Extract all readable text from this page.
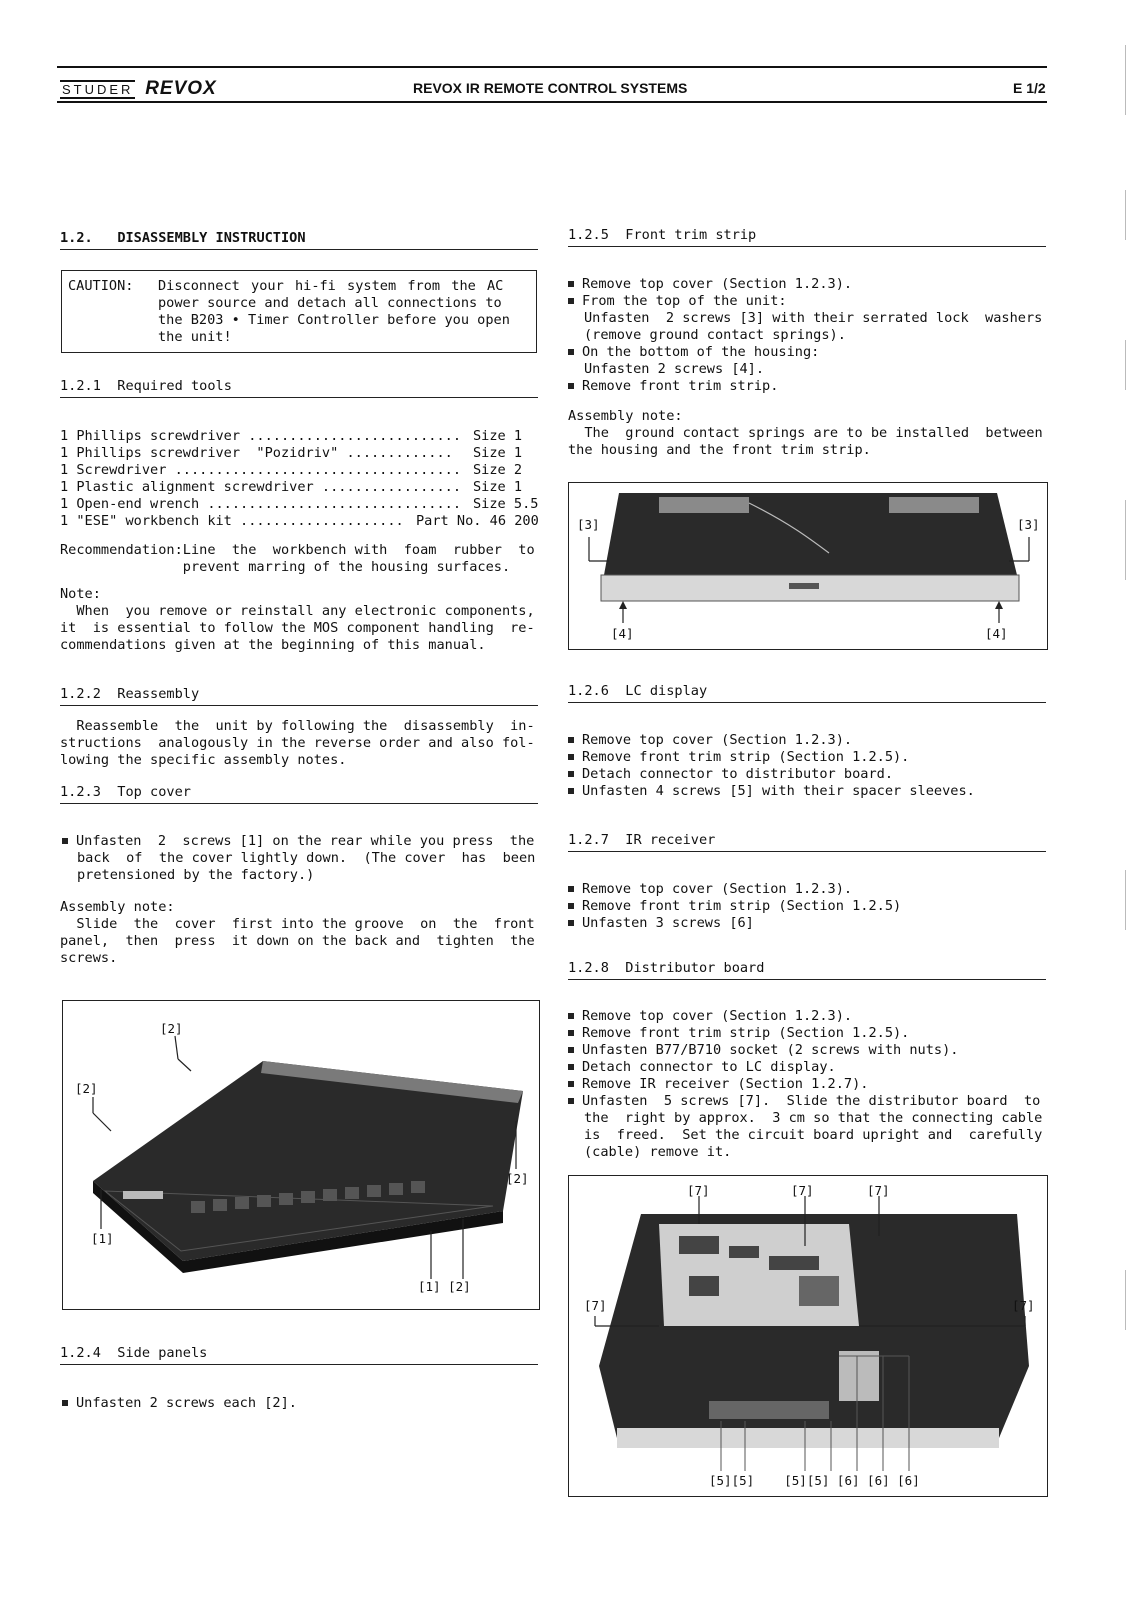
STUDER REVOX	REVOX IR REMOTE CONTROL SYSTEMS	E 1/2
1.2. DISASSEMBLY INSTRUCTION
CAUTION: Disconnect your hi-fi system from the AC
power source and detach all connections to
the B203 • Timer Controller before you open
the unit!
1.2.1 Required tools
1 Phillips screwdriver .......................... Size 1
1 Phillips screwdriver  "Pozidriv" ............. Size 1
1 Screwdriver ................................... Size 2
1 Plastic alignment screwdriver ................. Size 1
1 Open-end wrench ............................... Size 5.5
1 "ESE" workbench kit .................... Part No. 46 200
Recommendation:Line  the  workbench with  foam  rubber  to
prevent marring of the housing surfaces.
Note:
When  you remove or reinstall any electronic components,
it  is essential to follow the MOS component handling  re-
commendations given at the beginning of this manual.
1.2.2 Reassembly
Reassemble  the  unit by following the  disassembly  in-
structions  analogously in the reverse order and also fol-
lowing the specific assembly notes.
1.2.3 Top cover
Unfasten  2  screws [1] on the rear while you press  the
back  of  the cover lightly down.  (The cover  has  been
pretensioned by the factory.)
Assembly note:
Slide  the  cover  first into the groove  on  the  front
panel,  then  press  it down on the back and  tighten  the
screws.
[2]
[2]
[2]
[1]
[1] [2]
1.2.4 Side panels
Unfasten 2 screws each [2].
1.2.5 Front trim strip
Remove top cover (Section 1.2.3).
From the top of the unit:
Unfasten  2 screws [3] with their serrated lock  washers
(remove ground contact springs).
On the bottom of the housing:
Unfasten 2 screws [4].
Remove front trim strip.
Assembly note:
The  ground contact springs are to be installed  between
the housing and the front trim strip.
[3]	[3]
[4]	[4]
1.2.6 LC display
Remove top cover (Section 1.2.3).
Remove front trim strip (Section 1.2.5).
Detach connector to distributor board.
Unfasten 4 screws [5] with their spacer sleeves.
1.2.7 IR receiver
Remove top cover (Section 1.2.3).
Remove front trim strip (Section 1.2.5)
Unfasten 3 screws [6]
1.2.8 Distributor board
Remove top cover (Section 1.2.3).
Remove front trim strip (Section 1.2.5).
Unfasten B77/B710 socket (2 screws with nuts).
Detach connector to LC display.
Remove IR receiver (Section 1.2.7).
Unfasten  5 screws [7].  Slide the distributor board  to
the  right by approx.  3 cm so that the connecting cable
is  freed.  Set the circuit board upright and  carefully
(cable) remove it.
[7]	[7]	[7]
[7]	[7]
[5][5]    [5][5] [6] [6] [6]
